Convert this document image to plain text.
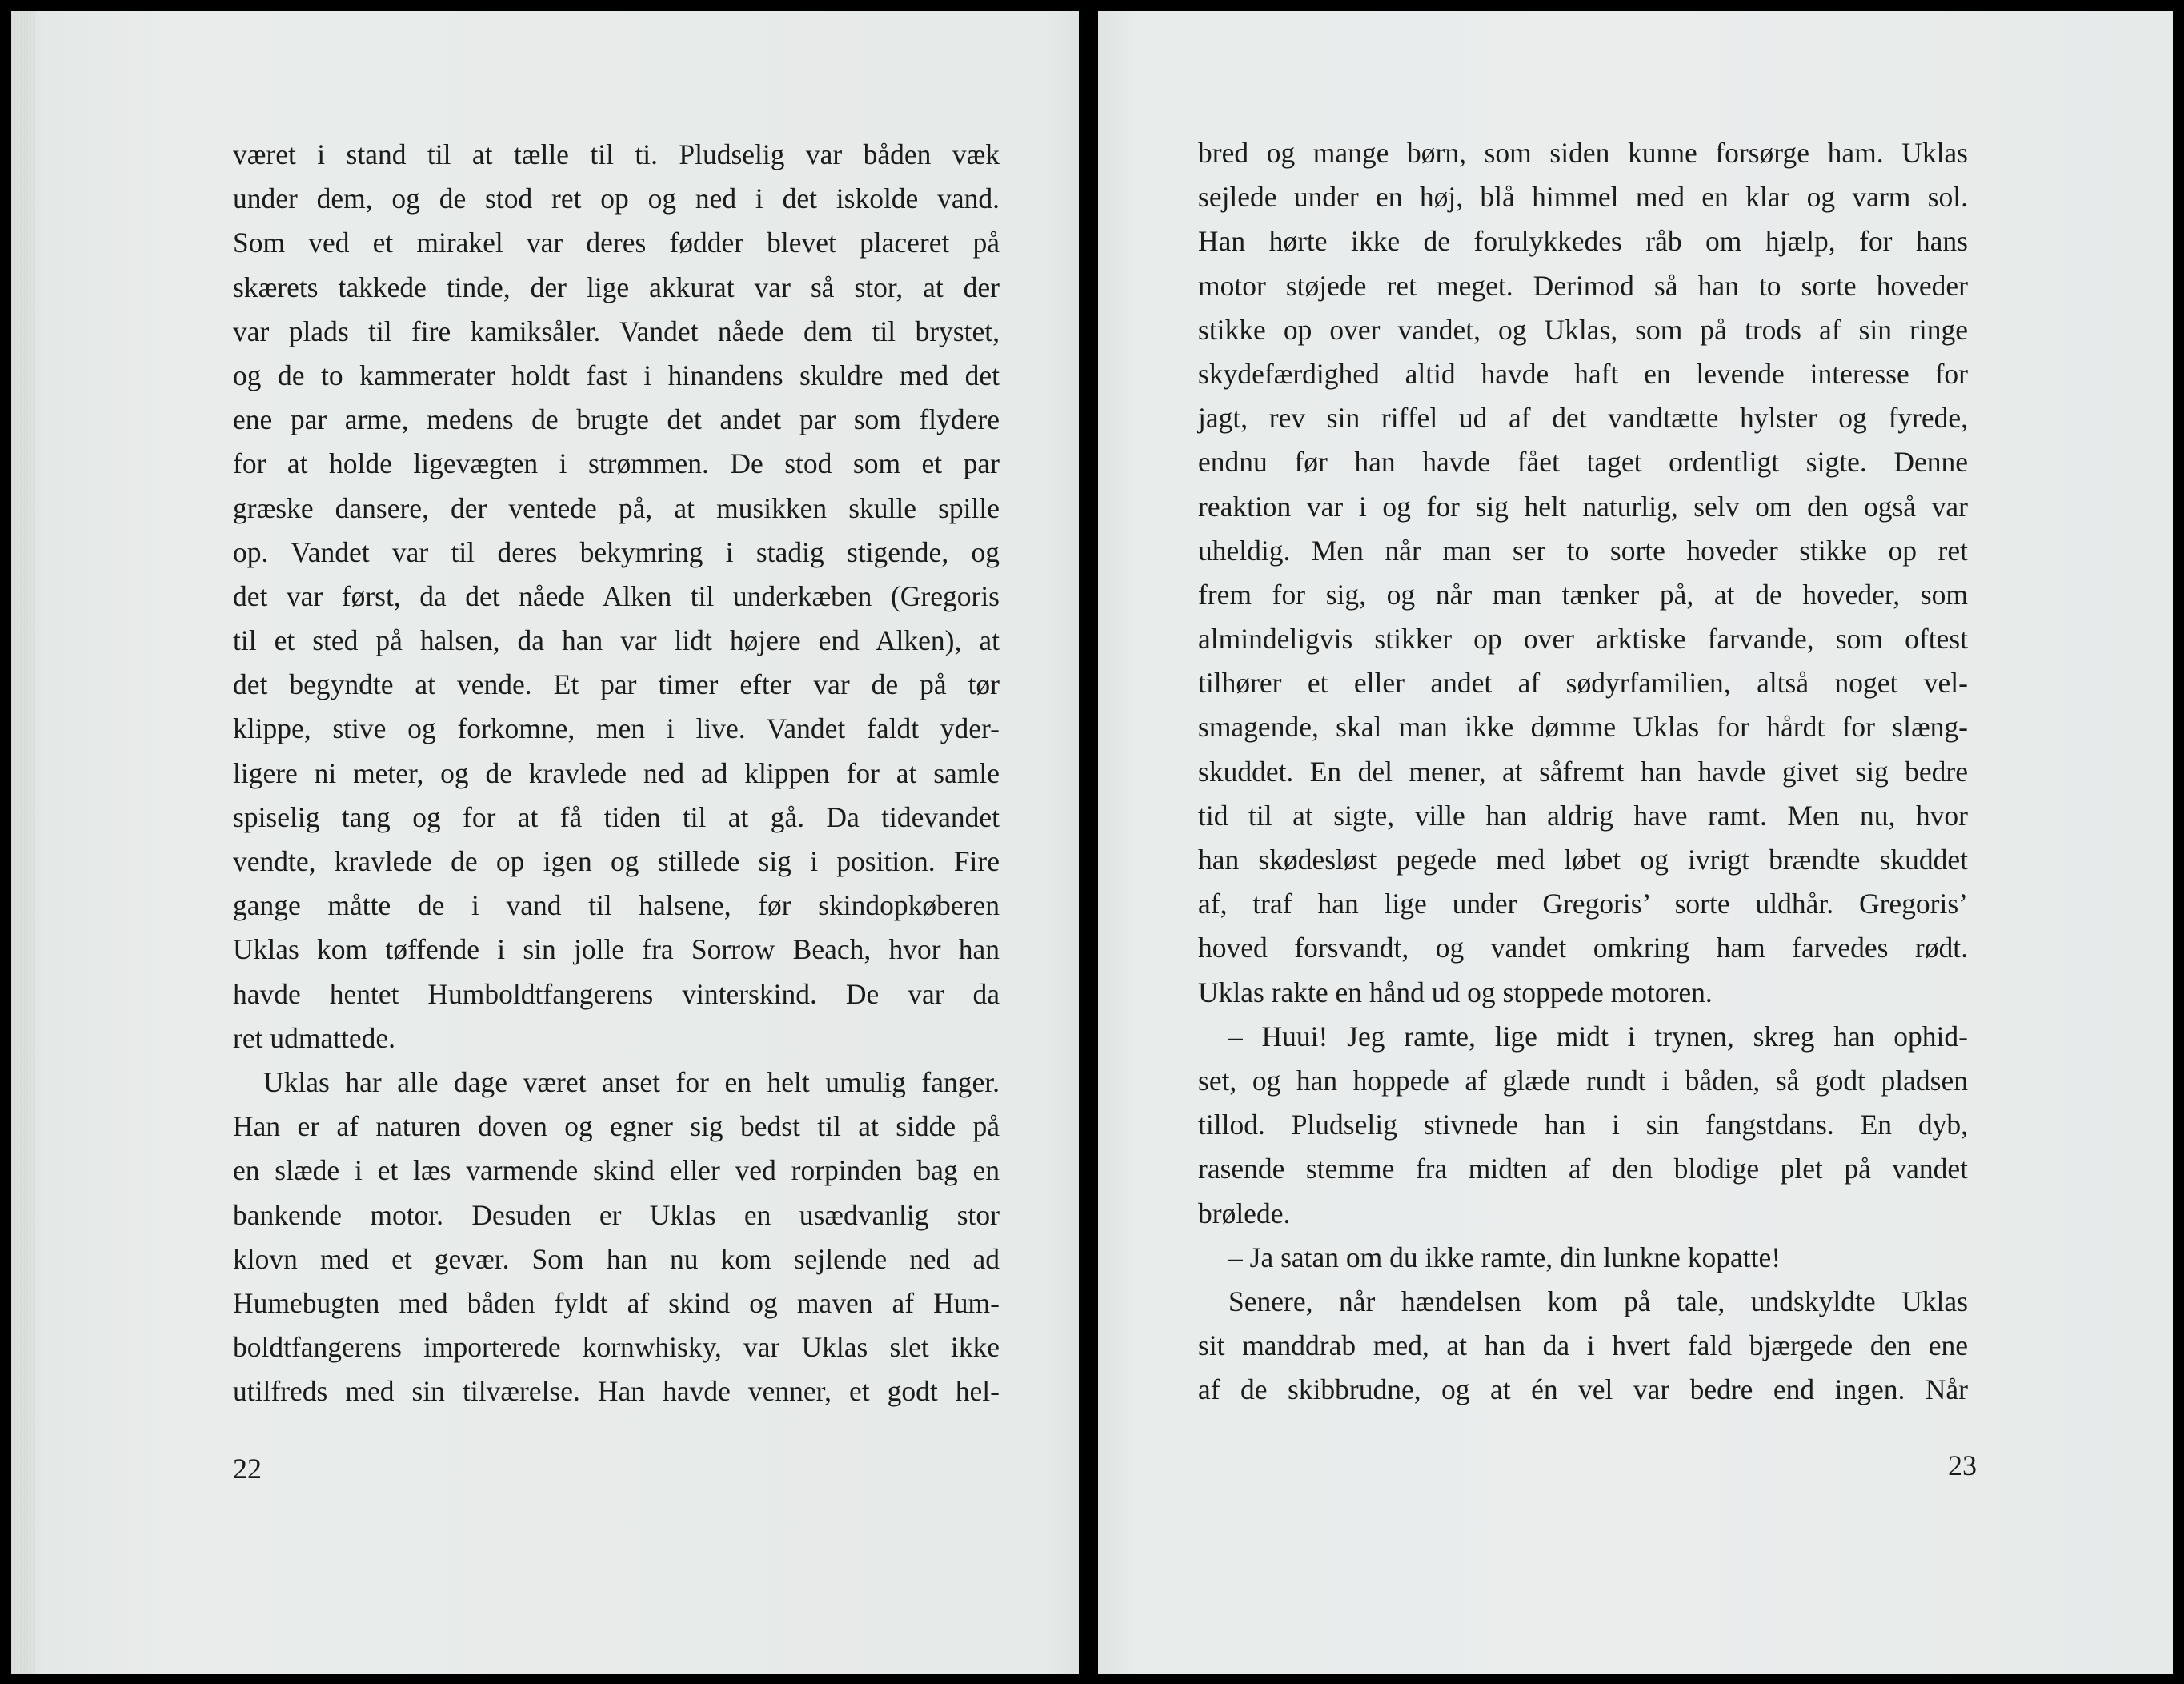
været i stand til at tælle til ti. Pludselig var båden væk
under dem, og de stod ret op og ned i det iskolde vand.
Som ved et mirakel var deres fødder blevet placeret på
skærets takkede tinde, der lige akkurat var så stor, at der
var plads til fire kamiksåler. Vandet nåede dem til brystet,
og de to kammerater holdt fast i hinandens skuldre med det
ene par arme, medens de brugte det andet par som flydere
for at holde ligevægten i strømmen. De stod som et par
græske dansere, der ventede på, at musikken skulle spille
op. Vandet var til deres bekymring i stadig stigende, og
det var først, da det nåede Alken til underkæben (Gregoris
til et sted på halsen, da han var lidt højere end Alken), at
det begyndte at vende. Et par timer efter var de på tør
klippe, stive og forkomne, men i live. Vandet faldt yder-
ligere ni meter, og de kravlede ned ad klippen for at samle
spiselig tang og for at få tiden til at gå. Da tidevandet
vendte, kravlede de op igen og stillede sig i position. Fire
gange måtte de i vand til halsene, før skindopkøberen
Uklas kom tøffende i sin jolle fra Sorrow Beach, hvor han
havde hentet Humboldtfangerens vinterskind. De var da
ret udmattede.
Uklas har alle dage været anset for en helt umulig fanger.
Han er af naturen doven og egner sig bedst til at sidde på
en slæde i et læs varmende skind eller ved rorpinden bag en
bankende motor. Desuden er Uklas en usædvanlig stor
klovn med et gevær. Som han nu kom sejlende ned ad
Humebugten med båden fyldt af skind og maven af Hum-
boldtfangerens importerede kornwhisky, var Uklas slet ikke
utilfreds med sin tilværelse. Han havde venner, et godt hel-
22
bred og mange børn, som siden kunne forsørge ham. Uklas
sejlede under en høj, blå himmel med en klar og varm sol.
Han hørte ikke de forulykkedes råb om hjælp, for hans
motor støjede ret meget. Derimod så han to sorte hoveder
stikke op over vandet, og Uklas, som på trods af sin ringe
skydefærdighed altid havde haft en levende interesse for
jagt, rev sin riffel ud af det vandtætte hylster og fyrede,
endnu før han havde fået taget ordentligt sigte. Denne
reaktion var i og for sig helt naturlig, selv om den også var
uheldig. Men når man ser to sorte hoveder stikke op ret
frem for sig, og når man tænker på, at de hoveder, som
almindeligvis stikker op over arktiske farvande, som oftest
tilhører et eller andet af sødyrfamilien, altså noget vel-
smagende, skal man ikke dømme Uklas for hårdt for slæng-
skuddet. En del mener, at såfremt han havde givet sig bedre
tid til at sigte, ville han aldrig have ramt. Men nu, hvor
han skødesløst pegede med løbet og ivrigt brændte skuddet
af, traf han lige under Gregoris’ sorte uldhår. Gregoris’
hoved forsvandt, og vandet omkring ham farvedes rødt.
Uklas rakte en hånd ud og stoppede motoren.
– Huui! Jeg ramte, lige midt i trynen, skreg han ophid-
set, og han hoppede af glæde rundt i båden, så godt pladsen
tillod. Pludselig stivnede han i sin fangstdans. En dyb,
rasende stemme fra midten af den blodige plet på vandet
brølede.
– Ja satan om du ikke ramte, din lunkne kopatte!
Senere, når hændelsen kom på tale, undskyldte Uklas
sit manddrab med, at han da i hvert fald bjærgede den ene
af de skibbrudne, og at én vel var bedre end ingen. Når
23
